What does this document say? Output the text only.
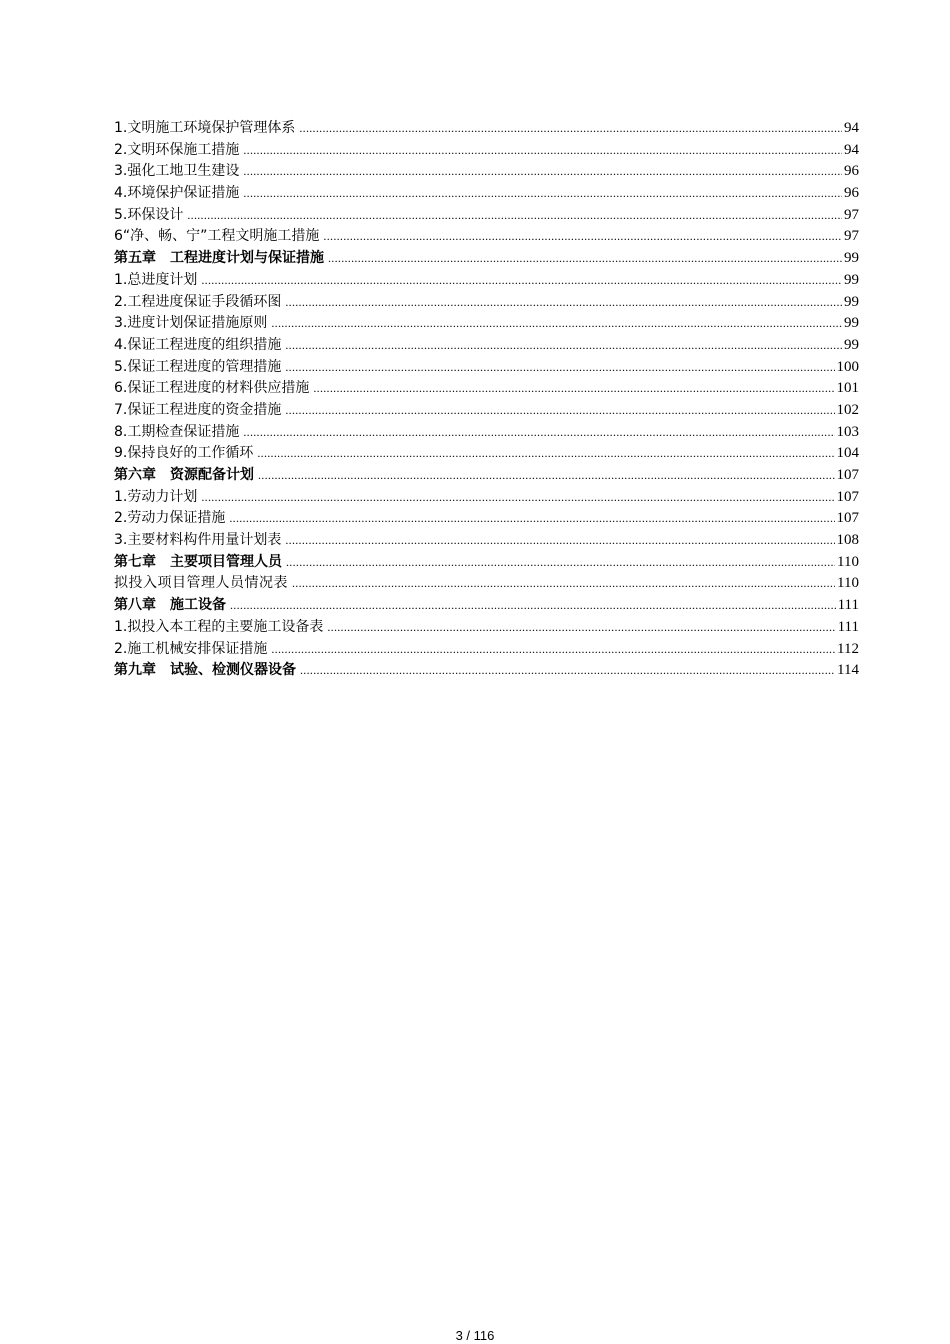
1.文明施工环境保护管理体系 .....	94
2.文明环保施工措施 .....	94
3.强化工地卫生建设 .....	96
4.环境保护保证措施 .....	96
5.环保设计 .....	97
6“净、畅、宁”工程文明施工措施 .....	97
第五章　工程进度计划与保证措施 .....	99
1.总进度计划 .....	99
2.工程进度保证手段循环图 .....	99
3.进度计划保证措施原则 .....	99
4.保证工程进度的组织措施 .....	99
5.保证工程进度的管理措施 .....	100
6.保证工程进度的材料供应措施 .....	101
7.保证工程进度的资金措施 .....	102
8.工期检查保证措施 .....	103
9.保持良好的工作循环 .....	104
第六章　资源配备计划 .....	107
1.劳动力计划 .....	107
2.劳动力保证措施 .....	107
3.主要材料构件用量计划表 .....	108
第七章　主要项目管理人员 .....	110
拟投入项目管理人员情况表 .....	110
第八章　施工设备 .....	111
1.拟投入本工程的主要施工设备表 .....	111
2.施工机械安排保证措施 .....	112
第九章　试验、检测仪器设备 .....	114
3 / 116
